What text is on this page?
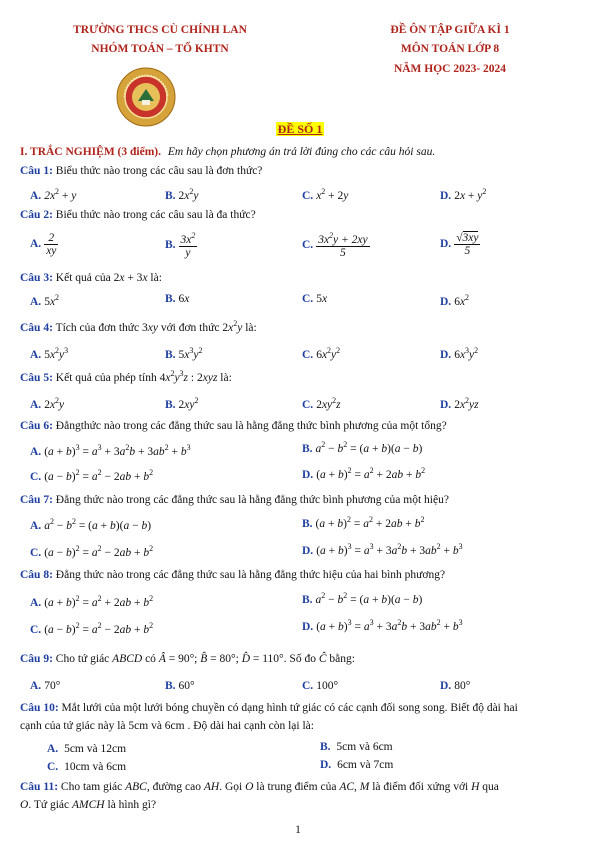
TRƯỜNG THCS CÙ CHÍNH LAN
NHÓM TOÁN – TỔ KHTN
ĐỀ ÔN TẬP GIỮA KÌ 1
MÔN TOÁN LỚP 8
NĂM HỌC 2023- 2024
ĐỀ SỐ 1
I. TRẮC NGHIỆM (3 điểm). Em hãy chọn phương án trả lời đúng cho các câu hỏi sau.
Câu 1: Biểu thức nào trong các câu sau là đơn thức?
A. $2x^2 + y$	B. $2x^2y$	C. $x^2 + 2y$	D. $2x + y^2$
Câu 2: Biểu thức nào trong các câu sau là đa thức?
A. $\frac{2}{xy}$	B. $\frac{3x^2}{y}$	C. $\frac{3x^2y + 2xy}{5}$	D. $\frac{√3xy}{5}$
Câu 3: Kết quả của 2x + 3x là:
A. $5x^2$	B. 6x	C. 5x	D. $6x^2$
Câu 4: Tích của đơn thức 3xy với đơn thức $2x^2y$ là:
A. $5x^2y^3$	B. $5x^3y^2$	C. $6x^2y^2$	D. $6x^3y^2$
Câu 5: Kết quả của phép tính $4x^2y^3z$ : 2xyz là:
A. $2x^2y$	B. $2xy^2$	C. $2xy^2z$	D. $2x^2yz$
Câu 6: Đẳngthức nào trong các đẳng thức sau là hằng đẳng thức bình phương của một tổng?
A. $(a + b)^3 = a^3 + 3a^2b + 3ab^2 + b^3$	B. $a^2 - b^2 = (a + b)(a - b)$
C. $(a - b)^2 = a^2 - 2ab + b^2$	D. $(a + b)^2 = a^2 + 2ab + b^2$
Câu 7: Đẳng thức nào trong các đẳng thức sau là hằng đẳng thức bình phương của một hiệu?
A. $a^2 - b^2 = (a + b)(a - b)$	B. $(a + b)^2 = a^2 + 2ab + b^2$
C. $(a - b)^2 = a^2 - 2ab + b^2$	D. $(a + b)^3 = a^3 + 3a^2b + 3ab^2 + b^3$
Câu 8: Đẳng thức nào trong các đẳng thức sau là hằng đẳng thức hiệu của hai bình phương?
A. $(a + b)^2 = a^2 + 2ab + b^2$	B. $a^2 - b^2 = (a + b)(a - b)$
C. $(a - b)^2 = a^2 - 2ab + b^2$	D. $(a + b)^3 = a^3 + 3a^2b + 3ab^2 + b^3$
Câu 9: Cho tứ giác ABCD có Â = 90°; B̂ = 80°; D̂ = 110°. Số đo Ĉ bằng:
A. 70°	B. 60°	C. 100°	D. 80°
Câu 10: Mắt lưới của một lưới bóng chuyền có dạng hình tứ giác có các cạnh đối song song. Biết độ dài hai
cạnh của tứ giác này là 5cm và 6cm . Độ dài hai cạnh còn lại là:
A. 5cm và 12cm	B. 5cm và 6cm
C. 10cm và 6cm	D. 6cm và 7cm
Câu 11: Cho tam giác ABC, đường cao AH. Gọi O là trung điểm của AC, M là điểm đối xứng với H qua
O. Tứ giác AMCH là hình gì?
1
